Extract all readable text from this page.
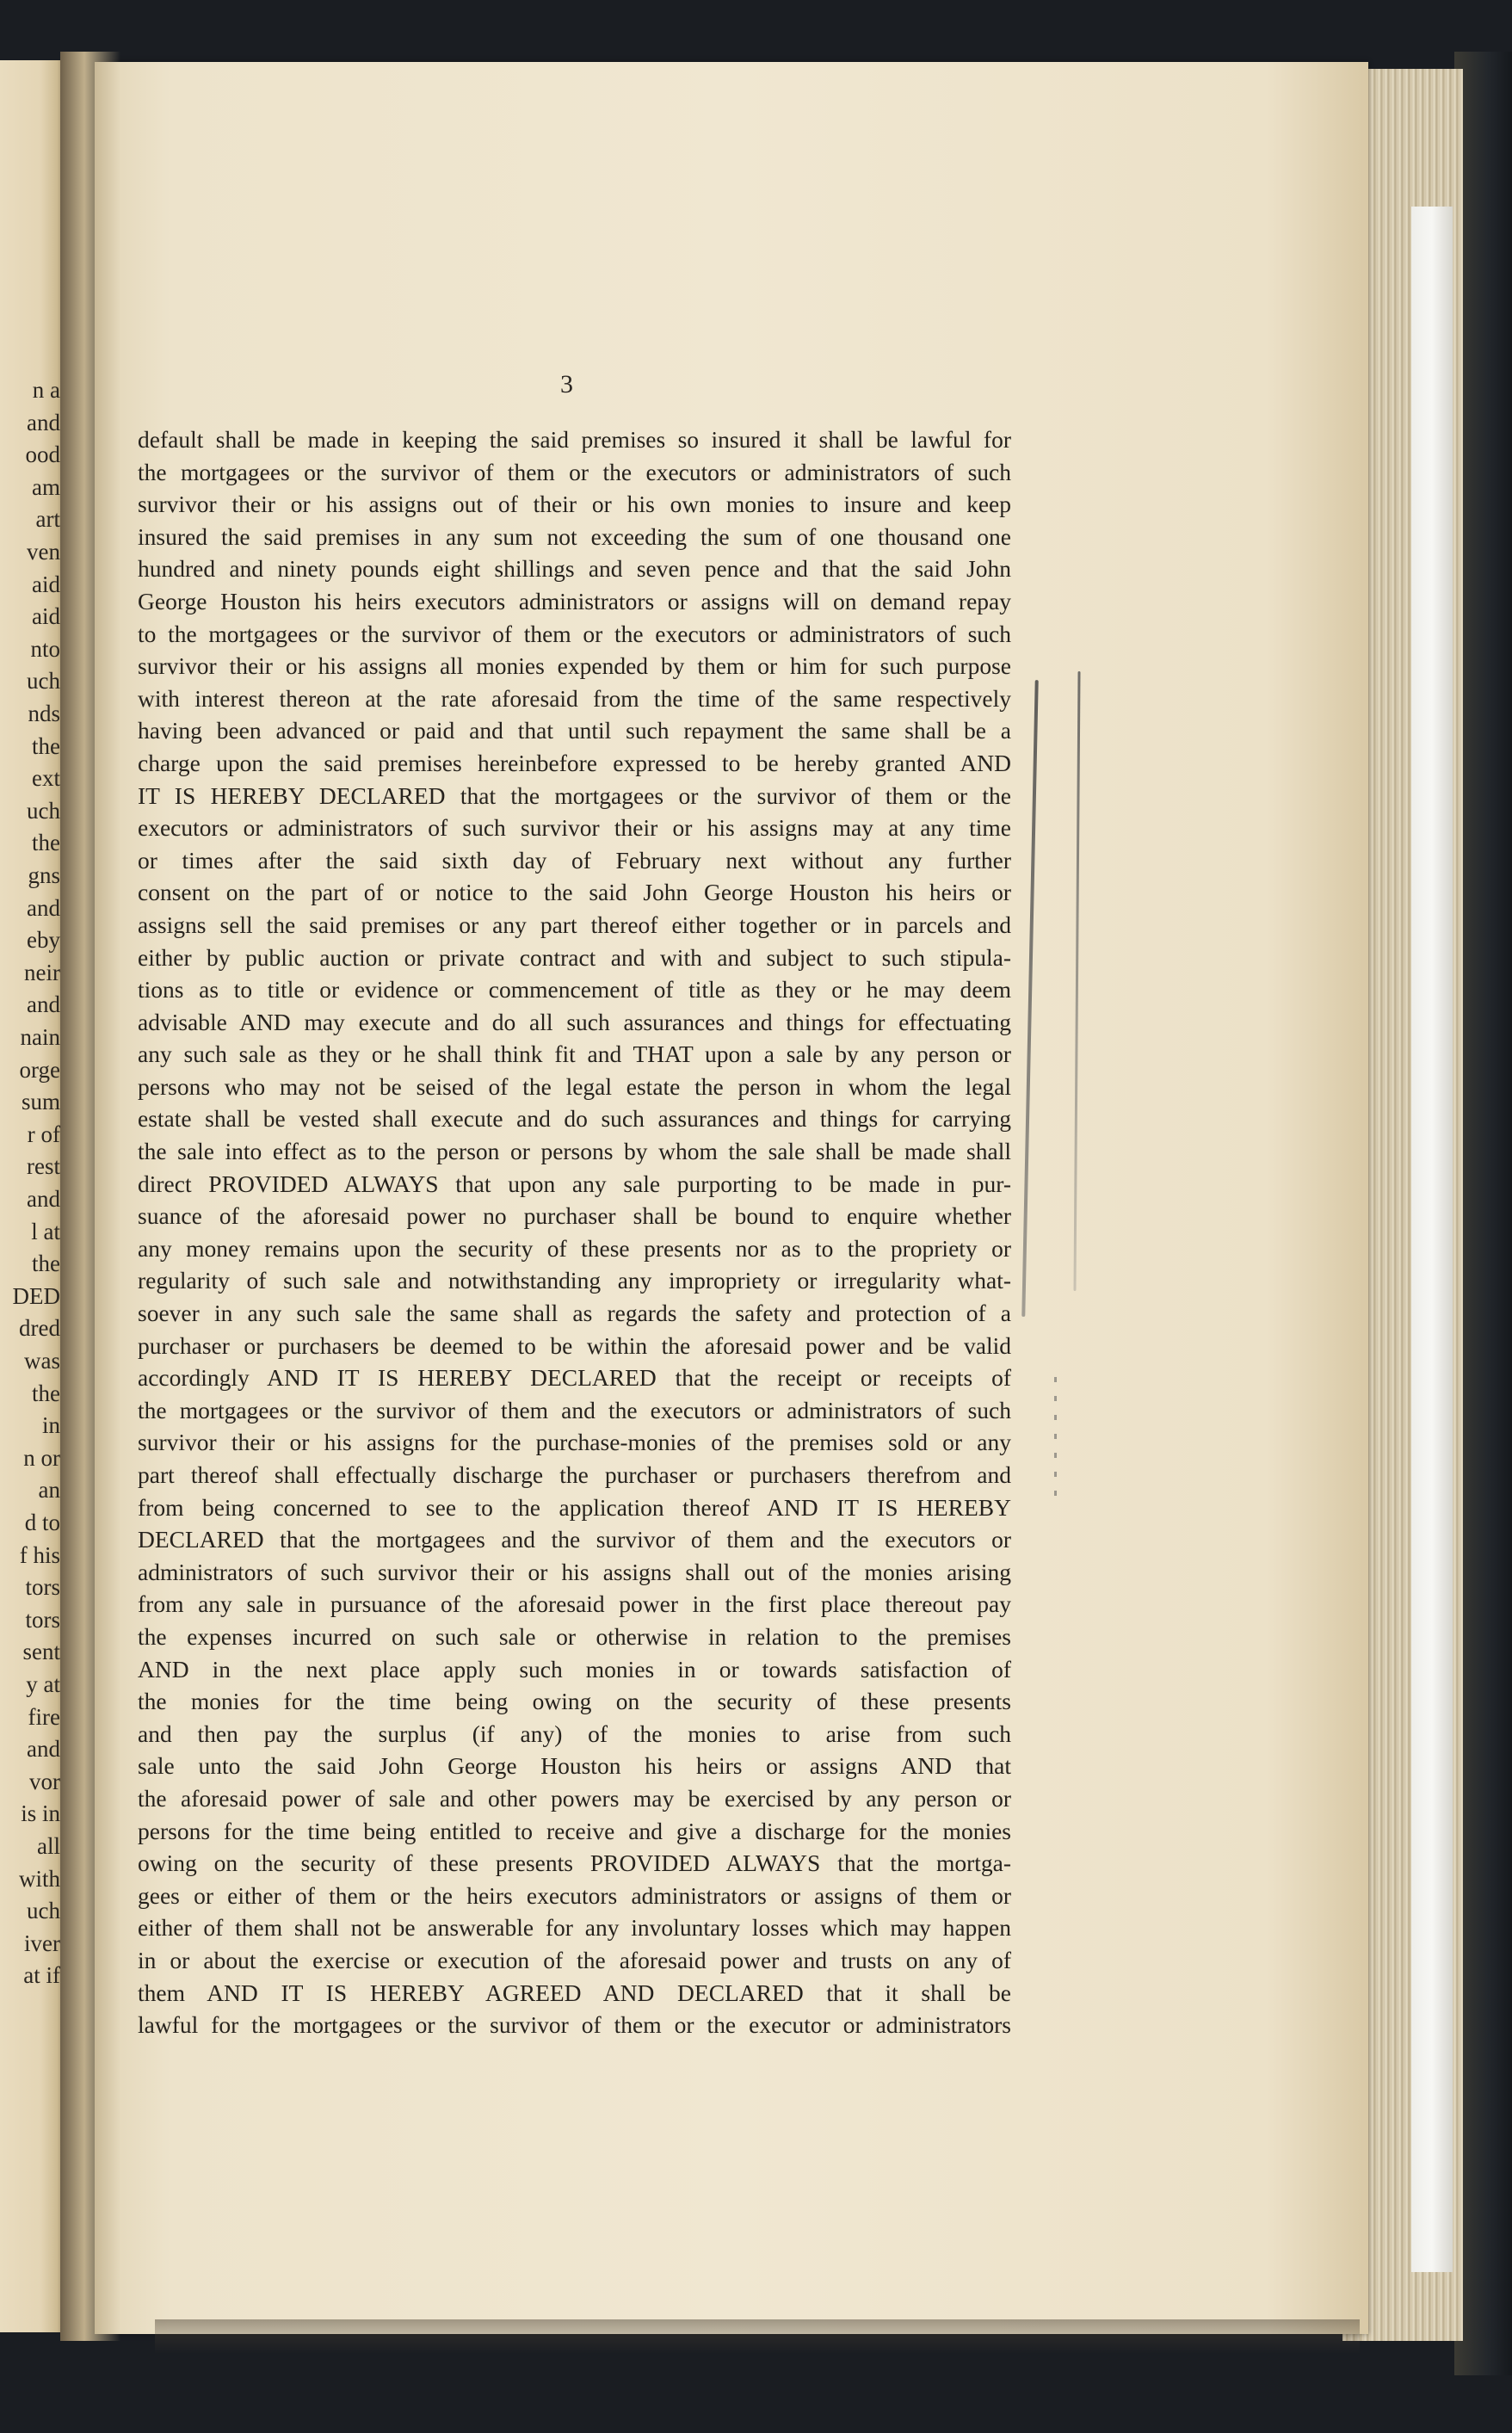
n a
and
ood
am
art
ven
aid
aid
nto
uch
nds
the
ext
uch
the
gns
and
eby
neir
and
nain
orge
sum
r of
rest
and
l at
the
DED
dred
was
the
in
n or
an
d to
f his
tors
tors
sent
y at
fire
and
vor
is in
all
with
uch
iver
at if
3
default shall be made in keeping the said premises so insured it shall be lawful for
the mortgagees or the survivor of them or the executors or administrators of such
survivor their or his assigns out of their or his own monies to insure and keep
insured the said premises in any sum not exceeding the sum of one thousand one
hundred and ninety pounds eight shillings and seven pence and that the said John
George Houston his heirs executors administrators or assigns will on demand repay
to the mortgagees or the survivor of them or the executors or administrators of such
survivor their or his assigns all monies expended by them or him for such purpose
with interest thereon at the rate aforesaid from the time of the same respectively
having been advanced or paid and that until such repayment the same shall be a
charge upon the said premises hereinbefore expressed to be hereby granted AND
IT IS HEREBY DECLARED that the mortgagees or the survivor of them or the
executors or administrators of such survivor their or his assigns may at any time
or times after the said sixth day of February next without any further
consent on the part of or notice to the said John George Houston his heirs or
assigns sell the said premises or any part thereof either together or in parcels and
either by public auction or private contract and with and subject to such stipula-
tions as to title or evidence or commencement of title as they or he may deem
advisable AND may execute and do all such assurances and things for effectuating
any such sale as they or he shall think fit and THAT upon a sale by any person or
persons who may not be seised of the legal estate the person in whom the legal
estate shall be vested shall execute and do such assurances and things for carrying
the sale into effect as to the person or persons by whom the sale shall be made shall
direct PROVIDED ALWAYS that upon any sale purporting to be made in pur-
suance of the aforesaid power no purchaser shall be bound to enquire whether
any money remains upon the security of these presents nor as to the propriety or
regularity of such sale and notwithstanding any impropriety or irregularity what-
soever in any such sale the same shall as regards the safety and protection of a
purchaser or purchasers be deemed to be within the aforesaid power and be valid
accordingly AND IT IS HEREBY DECLARED that the receipt or receipts of
the mortgagees or the survivor of them and the executors or administrators of such
survivor their or his assigns for the purchase-monies of the premises sold or any
part thereof shall effectually discharge the purchaser or purchasers therefrom and
from being concerned to see to the application thereof AND IT IS HEREBY
DECLARED that the mortgagees and the survivor of them and the executors or
administrators of such survivor their or his assigns shall out of the monies arising
from any sale in pursuance of the aforesaid power in the first place thereout pay
the expenses incurred on such sale or otherwise in relation to the premises
AND in the next place apply such monies in or towards satisfaction of
the monies for the time being owing on the security of these presents
and then pay the surplus (if any) of the monies to arise from such
sale unto the said John George Houston his heirs or assigns AND that
the aforesaid power of sale and other powers may be exercised by any person or
persons for the time being entitled to receive and give a discharge for the monies
owing on the security of these presents PROVIDED ALWAYS that the mortga-
gees or either of them or the heirs executors administrators or assigns of them or
either of them shall not be answerable for any involuntary losses which may happen
in or about the exercise or execution of the aforesaid power and trusts on any of
them AND IT IS HEREBY AGREED AND DECLARED that it shall be
lawful for the mortgagees or the survivor of them or the executor or administrators
